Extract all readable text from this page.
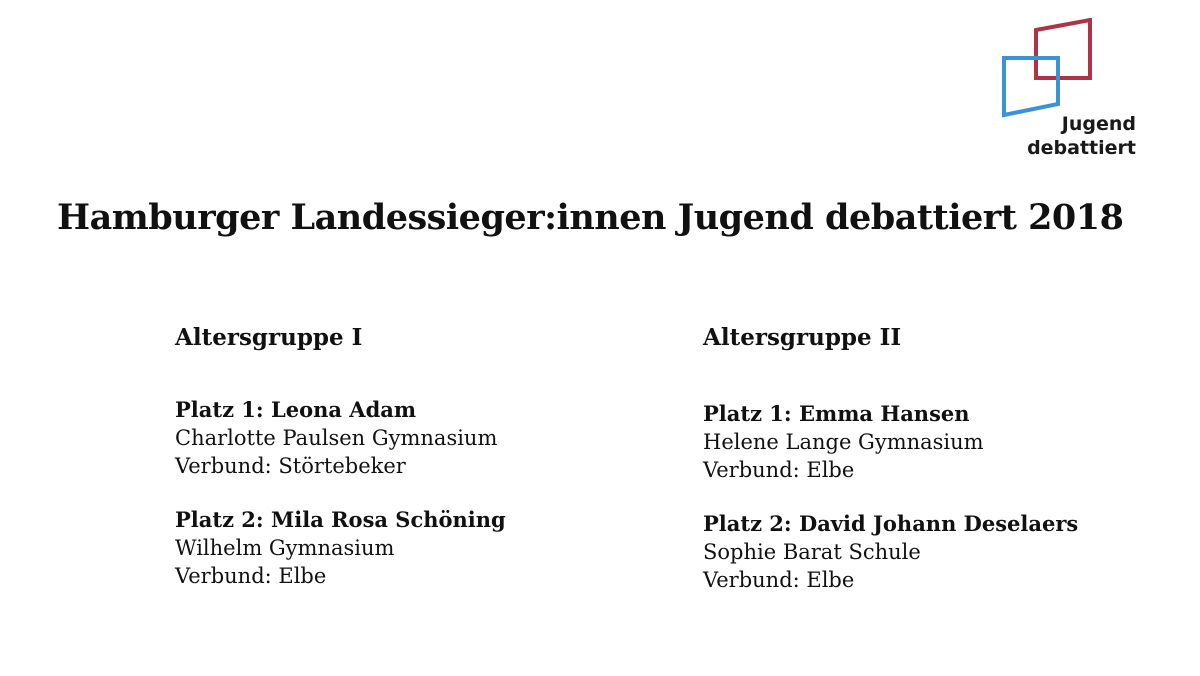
Jugend
debattiert
Hamburger Landessieger:innen Jugend debattiert 2018
Altersgruppe I
Platz 1: Leona Adam
Charlotte Paulsen Gymnasium
Verbund: Störtebeker
Platz 2: Mila Rosa Schöning
Wilhelm Gymnasium
Verbund: Elbe
Altersgruppe II
Platz 1: Emma Hansen
Helene Lange Gymnasium
Verbund: Elbe
Platz 2: David Johann Deselaers
Sophie Barat Schule
Verbund: Elbe
